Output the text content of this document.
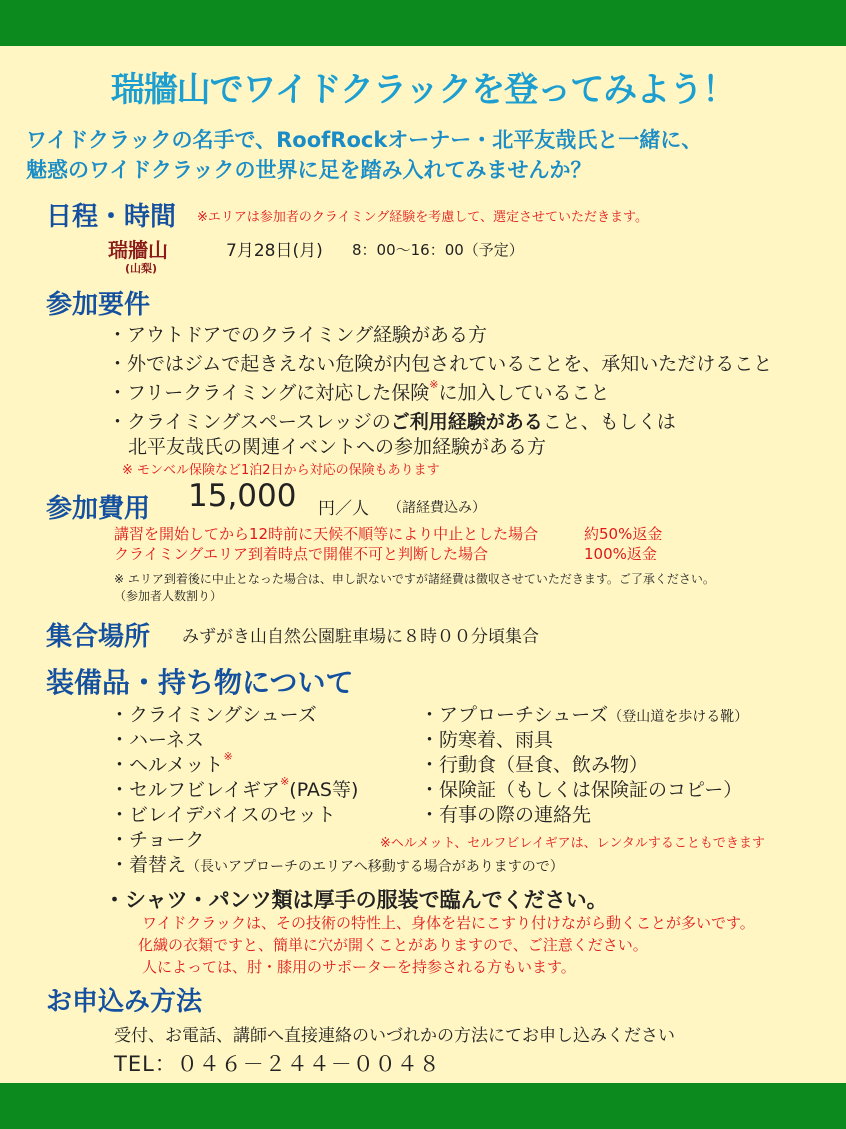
瑞牆山でワイドクラックを登ってみよう！
ワイドクラックの名手で、RoofRockオーナー・北平友哉氏と一緒に、
魅惑のワイドクラックの世界に足を踏み入れてみませんか？
日程・時間 ※エリアは参加者のクライミング経験を考慮して、選定させていただきます。
瑞牆山
(山梨)
7月28日(月) 8：00〜16：00（予定）
参加要件
・アウトドアでのクライミング経験がある方
・外ではジムで起きえない危険が内包されていることを、承知いただけること
・フリークライミングに対応した保険※に加入していること
・クライミングスペースレッジのご利用経験があること、もしくは
北平友哉氏の関連イベントへの参加経験がある方
※ モンベル保険など1泊2日から対応の保険もあります
参加費用 15,000 円／人 （諸経費込み）
講習を開始してから12時前に天候不順等により中止とした場合	約50%返金
クライミングエリア到着時点で開催不可と判断した場合	100%返金
※ エリア到着後に中止となった場合は、申し訳ないですが諸経費は徴収させていただきます。ご了承ください。
（参加者人数割り）
集合場所 みずがき山自然公園駐車場に８時００分頃集合
装備品・持ち物について
・クライミングシューズ
・ハーネス
・ヘルメット※
・セルフビレイギア※(PAS等)
・ビレイデバイスのセット
・チョーク
・着替え（長いアプローチのエリアへ移動する場合がありますので）
・アプローチシューズ（登山道を歩ける靴）
・防寒着、雨具
・行動食（昼食、飲み物）
・保険証（もしくは保険証のコピー）
・有事の際の連絡先
※ヘルメット、セルフビレイギアは、レンタルすることもできます
・シャツ・パンツ類は厚手の服装で臨んでください。
ワイドクラックは、その技術の特性上、身体を岩にこすり付けながら動くことが多いです。
化繊の衣類ですと、簡単に穴が開くことがありますので、ご注意ください。
人によっては、肘・膝用のサポーターを持参される方もいます。
お申込み方法
受付、お電話、講師へ直接連絡のいづれかの方法にてお申し込みください
TEL：０４６－２４４－００４８
